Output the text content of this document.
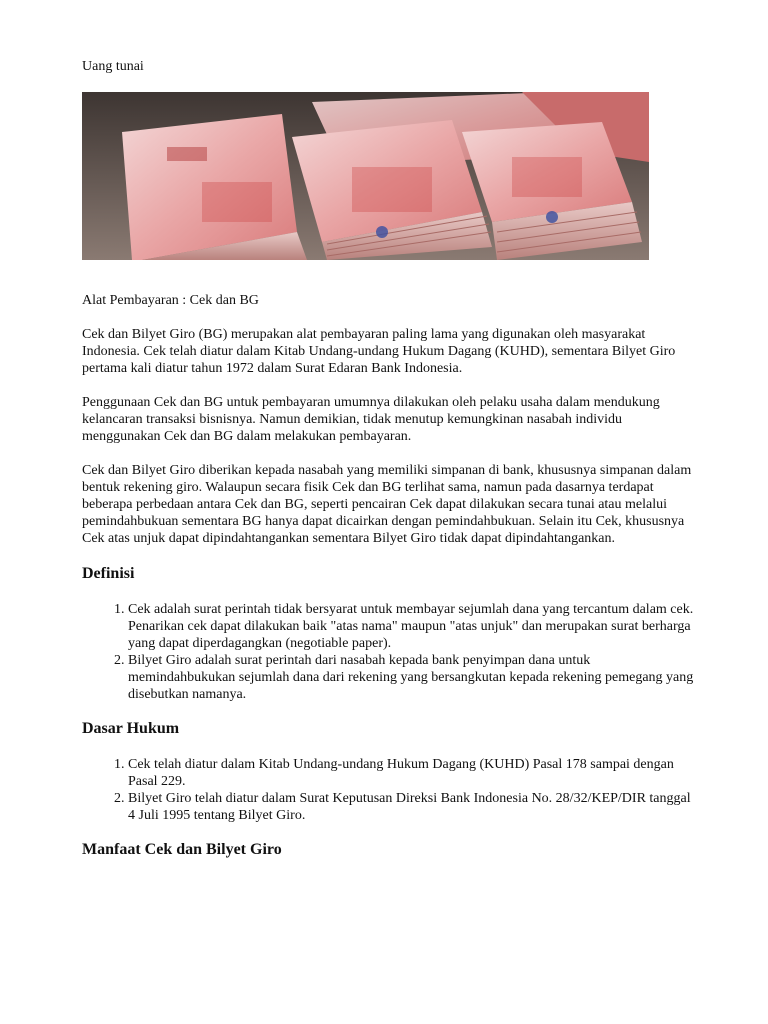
Uang tunai

Alat Pembayaran : Cek dan BG

Cek dan Bilyet Giro (BG) merupakan alat pembayaran paling lama yang digunakan oleh masyarakat Indonesia. Cek telah diatur dalam Kitab Undang-undang Hukum Dagang (KUHD), sementara Bilyet Giro pertama kali diatur tahun 1972 dalam Surat Edaran Bank Indonesia.

Penggunaan Cek dan BG untuk pembayaran umumnya dilakukan oleh pelaku usaha dalam mendukung kelancaran transaksi bisnisnya. Namun demikian, tidak menutup kemungkinan nasabah individu menggunakan Cek dan BG dalam melakukan pembayaran.

Cek dan Bilyet Giro diberikan kepada nasabah yang memiliki simpanan di bank, khususnya simpanan dalam bentuk rekening giro. Walaupun secara fisik Cek dan BG terlihat sama, namun pada dasarnya terdapat beberapa perbedaan antara Cek dan BG, seperti pencairan Cek dapat dilakukan secara tunai atau melalui pemindahbukuan sementara BG hanya dapat dicairkan dengan pemindahbukuan. Selain itu Cek, khususnya Cek atas unjuk dapat dipindahtangankan sementara Bilyet Giro tidak dapat dipindahtangankan.

Definisi
1. Cek adalah surat perintah tidak bersyarat untuk membayar sejumlah dana yang tercantum dalam cek. Penarikan cek dapat dilakukan baik "atas nama" maupun "atas unjuk" dan merupakan surat berharga yang dapat diperdagangkan (negotiable paper).
2. Bilyet Giro adalah surat perintah dari nasabah kepada bank penyimpan dana untuk memindahbukukan sejumlah dana dari rekening yang bersangkutan kepada rekening pemegang yang disebutkan namanya.
Dasar Hukum
1. Cek telah diatur dalam Kitab Undang-undang Hukum Dagang (KUHD) Pasal 178 sampai dengan Pasal 229.
2. Bilyet Giro telah diatur dalam Surat Keputusan Direksi Bank Indonesia No. 28/32/KEP/DIR tanggal 4 Juli 1995 tentang Bilyet Giro.
Manfaat Cek dan Bilyet Giro
